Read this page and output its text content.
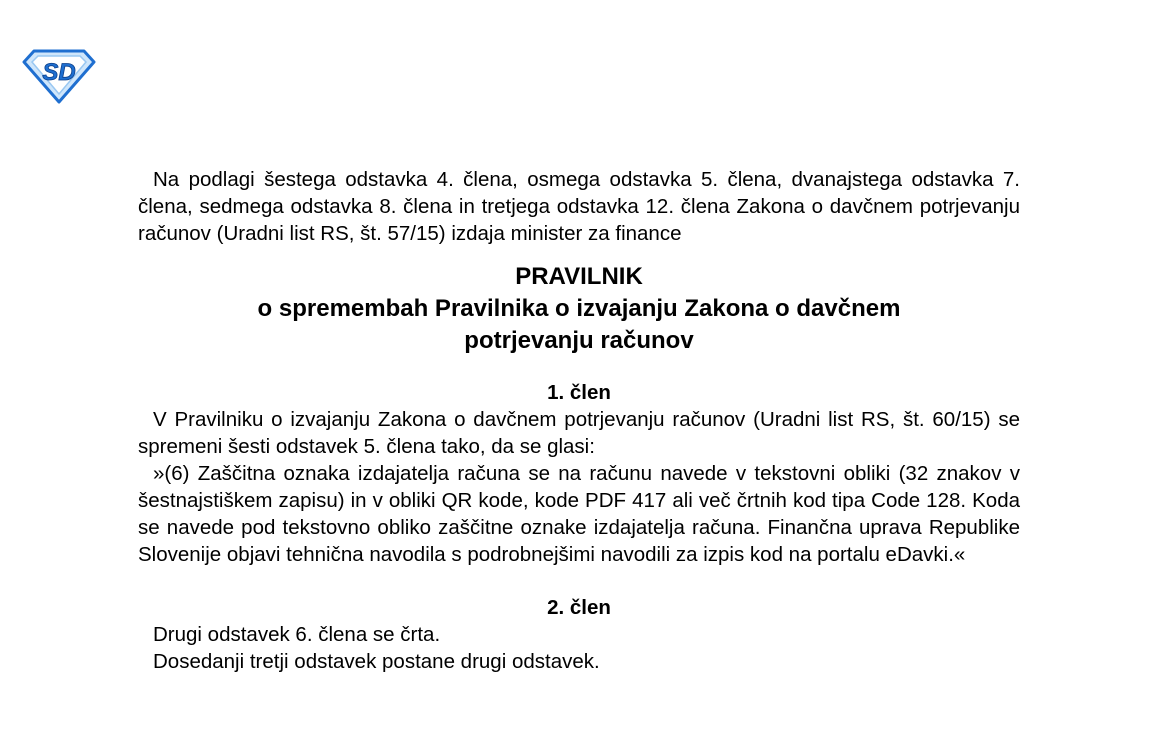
SD

Na podlagi šestega odstavka 4. člena, osmega odstavka 5. člena, dvanajstega odstavka 7. člena, sedmega odstavka 8. člena in tretjega odstavka 12. člena Zakona o davčnem potrjevanju računov (Uradni list RS, št. 57/15) izdaja minister za finance

PRAVILNIK
o spremembah Pravilnika o izvajanju Zakona o davčnem
potrjevanju računov
1. člen

V Pravilniku o izvajanju Zakona o davčnem potrjevanju računov (Uradni list RS, št. 60/15) se spremeni šesti odstavek 5. člena tako, da se glasi:

»(6) Zaščitna oznaka izdajatelja računa se na računu navede v tekstovni obliki (32 znakov v šestnajstiškem zapisu) in v obliki QR kode, kode PDF 417 ali več črtnih kod tipa Code 128. Koda se navede pod tekstovno obliko zaščitne oznake izdajatelja računa. Finančna uprava Republike Slovenije objavi tehnična navodila s podrobnejšimi navodili za izpis kod na portalu eDavki.«

2. člen

Drugi odstavek 6. člena se črta.

Dosedanji tretji odstavek postane drugi odstavek.
